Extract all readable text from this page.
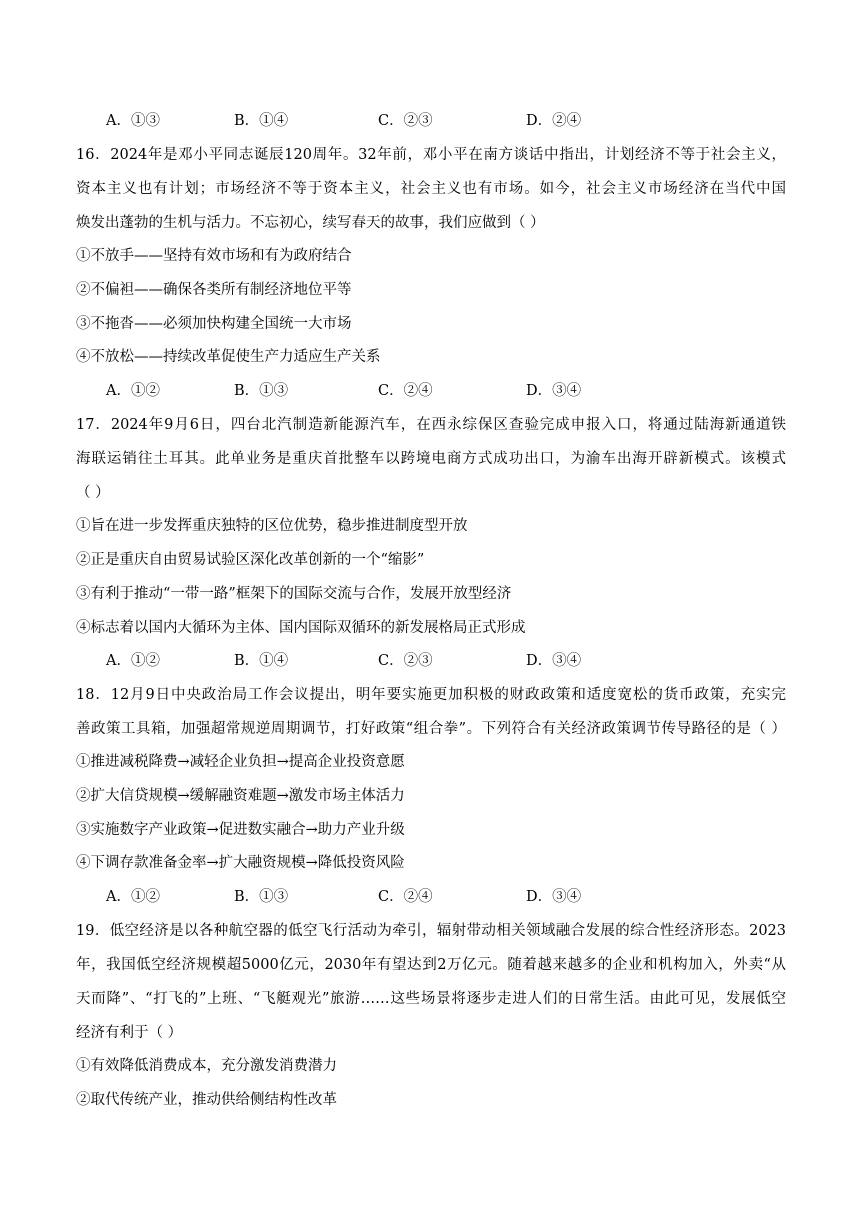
A．①③	B．①④	C．②③	D．②④
16．2024年是邓小平同志诞辰120周年。32年前，邓小平在南方谈话中指出，计划经济不等于社会主义，
资本主义也有计划；市场经济不等于资本主义，社会主义也有市场。如今，社会主义市场经济在当代中国
焕发出蓬勃的生机与活力。不忘初心，续写春天的故事，我们应做到（ ）
①不放手——坚持有效市场和有为政府结合
②不偏袒——确保各类所有制经济地位平等
③不拖沓——必须加快构建全国统一大市场
④不放松——持续改革促使生产力适应生产关系
A．①②	B．①③	C．②④	D．③④
17．2024年9月6日，四台北汽制造新能源汽车，在西永综保区查验完成申报入口，将通过陆海新通道铁
海联运销往土耳其。此单业务是重庆首批整车以跨境电商方式成功出口，为渝车出海开辟新模式。该模式
（ ）
①旨在进一步发挥重庆独特的区位优势，稳步推进制度型开放
②正是重庆自由贸易试验区深化改革创新的一个“缩影”
③有利于推动“一带一路”框架下的国际交流与合作，发展开放型经济
④标志着以国内大循环为主体、国内国际双循环的新发展格局正式形成
A．①②	B．①④	C．②③	D．③④
18．12月9日中央政治局工作会议提出，明年要实施更加积极的财政政策和适度宽松的货币政策，充实完
善政策工具箱，加强超常规逆周期调节，打好政策“组合拳”。下列符合有关经济政策调节传导路径的是（ ）
①推进减税降费→减轻企业负担→提高企业投资意愿
②扩大信贷规模→缓解融资难题→激发市场主体活力
③实施数字产业政策→促进数实融合→助力产业升级
④下调存款准备金率→扩大融资规模→降低投资风险
A．①②	B．①③	C．②④	D．③④
19．低空经济是以各种航空器的低空飞行活动为牵引，辐射带动相关领域融合发展的综合性经济形态。2023
年，我国低空经济规模超5000亿元，2030年有望达到2万亿元。随着越来越多的企业和机构加入，外卖“从
天而降”、“打飞的”上班、“飞艇观光”旅游……这些场景将逐步走进人们的日常生活。由此可见，发展低空
经济有利于（ ）
①有效降低消费成本，充分激发消费潜力
②取代传统产业，推动供给侧结构性改革
